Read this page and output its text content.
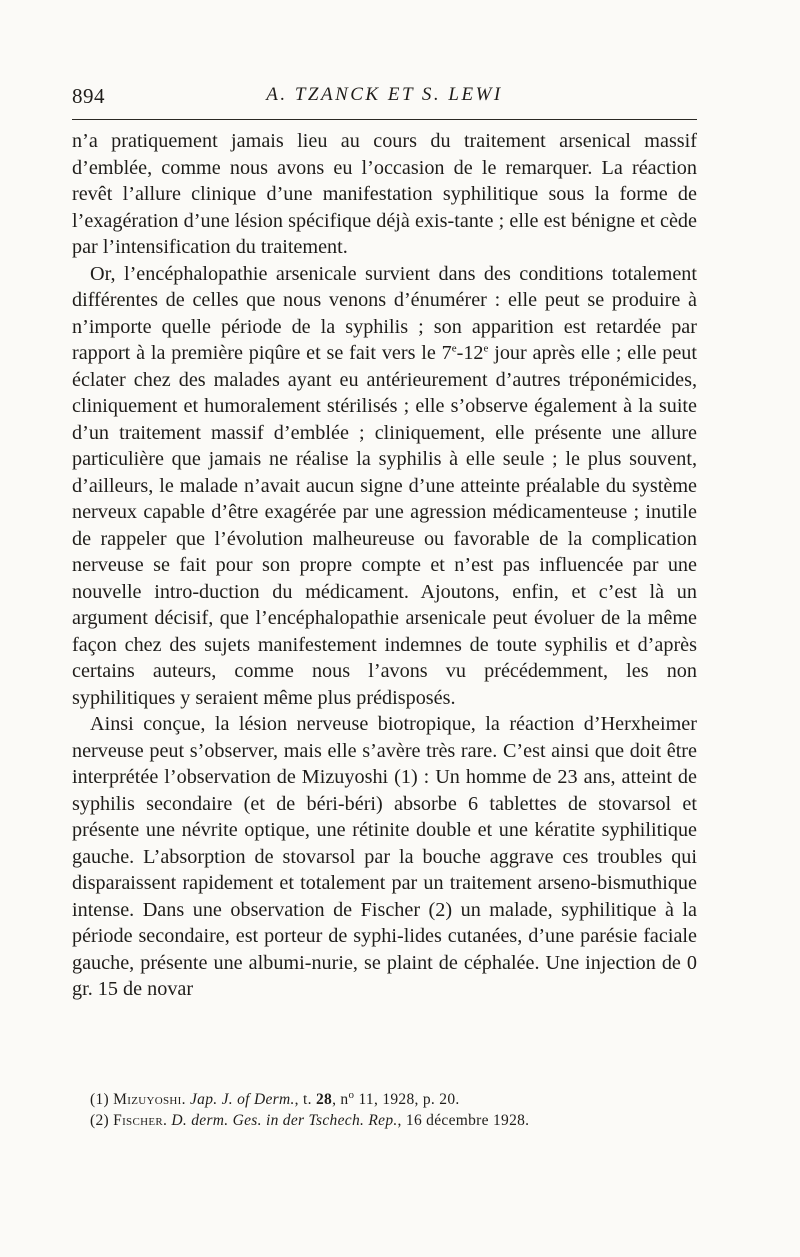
894	A. TZANCK ET S. LEWI

n’a pratiquement jamais lieu au cours du traitement arsenical massif d’emblée, comme nous avons eu l’occasion de le remarquer. La réaction revêt l’allure clinique d’une manifestation syphilitique sous la forme de l’exagération d’une lésion spécifique déjà exis-tante ; elle est bénigne et cède par l’intensification du traitement.

Or, l’encéphalopathie arsenicale survient dans des conditions totalement différentes de celles que nous venons d’énumérer : elle peut se produire à n’importe quelle période de la syphilis ; son apparition est retardée par rapport à la première piqûre et se fait vers le 7e-12e jour après elle ; elle peut éclater chez des malades ayant eu antérieurement d’autres tréponémicides, cliniquement et humoralement stérilisés ; elle s’observe également à la suite d’un traitement massif d’emblée ; cliniquement, elle présente une allure particulière que jamais ne réalise la syphilis à elle seule ; le plus souvent, d’ailleurs, le malade n’avait aucun signe d’une atteinte préalable du système nerveux capable d’être exagérée par une agression médicamenteuse ; inutile de rappeler que l’évolution malheureuse ou favorable de la complication nerveuse se fait pour son propre compte et n’est pas influencée par une nouvelle intro-duction du médicament. Ajoutons, enfin, et c’est là un argument décisif, que l’encéphalopathie arsenicale peut évoluer de la même façon chez des sujets manifestement indemnes de toute syphilis et d’après certains auteurs, comme nous l’avons vu précédemment, les non syphilitiques y seraient même plus prédisposés.

Ainsi conçue, la lésion nerveuse biotropique, la réaction d’Herxheimer nerveuse peut s’observer, mais elle s’avère très rare. C’est ainsi que doit être interprétée l’observation de Mizuyoshi (1) : Un homme de 23 ans, atteint de syphilis secondaire (et de béri-béri) absorbe 6 tablettes de stovarsol et présente une névrite optique, une rétinite double et une kératite syphilitique gauche. L’absorption de stovarsol par la bouche aggrave ces troubles qui disparaissent rapidement et totalement par un traitement arseno-bismuthique intense. Dans une observation de Fischer (2) un malade, syphilitique à la période secondaire, est porteur de syphi-lides cutanées, d’une parésie faciale gauche, présente une albumi-nurie, se plaint de céphalée. Une injection de 0 gr. 15 de novar

(1) Mizuyoshi. Jap. J. of Derm., t. 28, $n^o$ 11, 1928, p. 20.
(2) Fischer. D. derm. Ges. in der Tschech. Rep., 16 décembre 1928.
